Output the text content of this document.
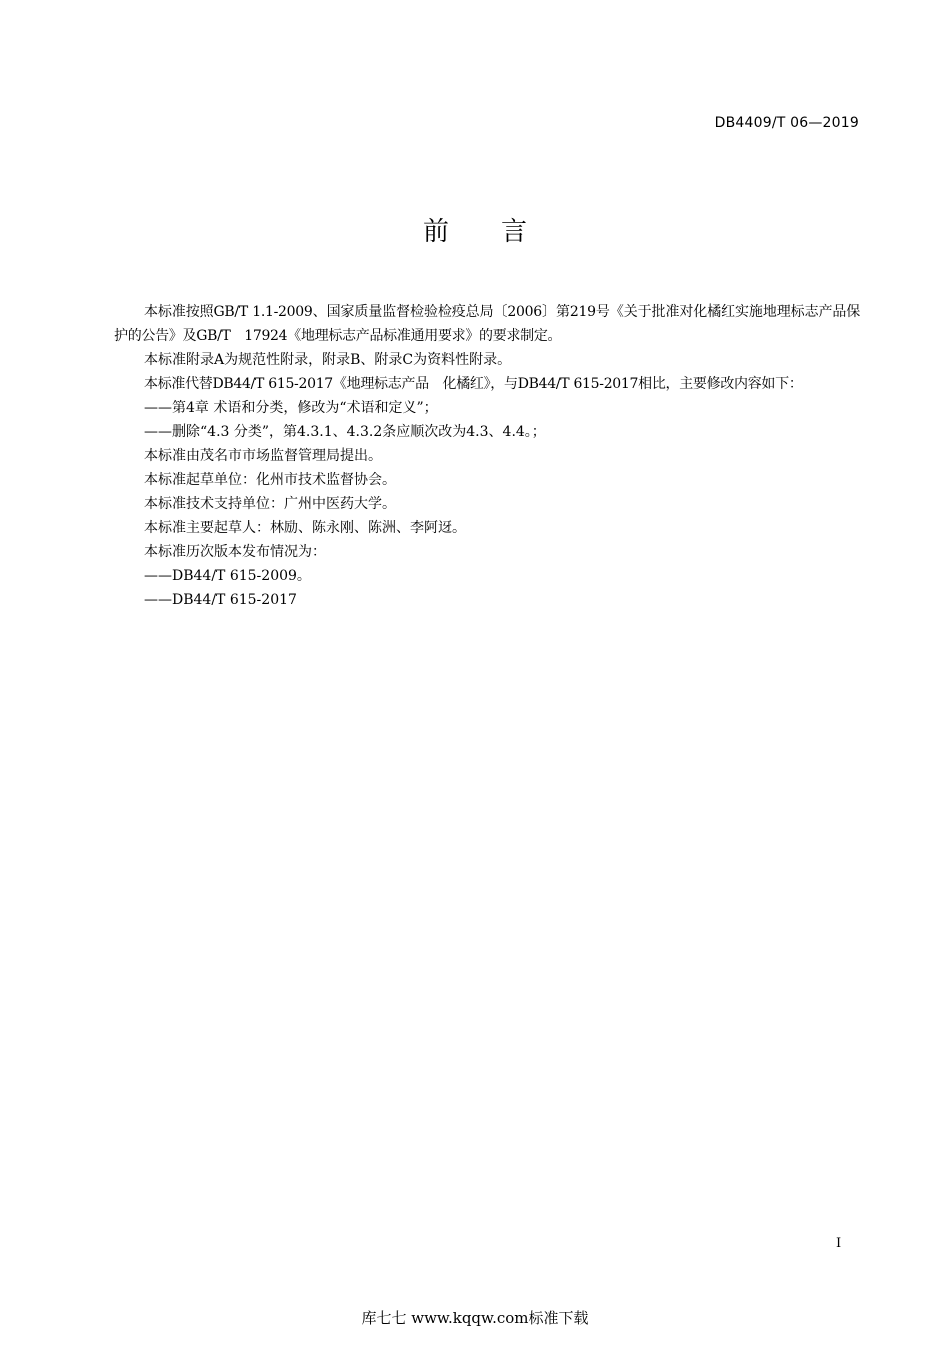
DB4409/T 06—2019
前　　言

本标准按照GB/T 1.1-2009、国家质量监督检验检疫总局〔2006〕第219号《关于批准对化橘红实施地理标志产品保护的公告》及GB/T　17924《地理标志产品标准通用要求》的要求制定。

本标准附录A为规范性附录，附录B、附录C为资料性附录。

本标准代替DB44/T 615-2017《地理标志产品　化橘红》，与DB44/T 615-2017相比，主要修改内容如下：

——第4章 术语和分类，修改为“术语和定义”；

——删除“4.3 分类”，第4.3.1、4.3.2条应顺次改为4.3、4.4。；

本标准由茂名市市场监督管理局提出。

本标准起草单位：化州市技术监督协会。

本标准技术支持单位：广州中医药大学。

本标准主要起草人：林励、陈永刚、陈洲、李阿迓。

本标准历次版本发布情况为：

——DB44/T 615-2009。

——DB44/T 615-2017

I
库七七 www.kqqw.com标准下载
